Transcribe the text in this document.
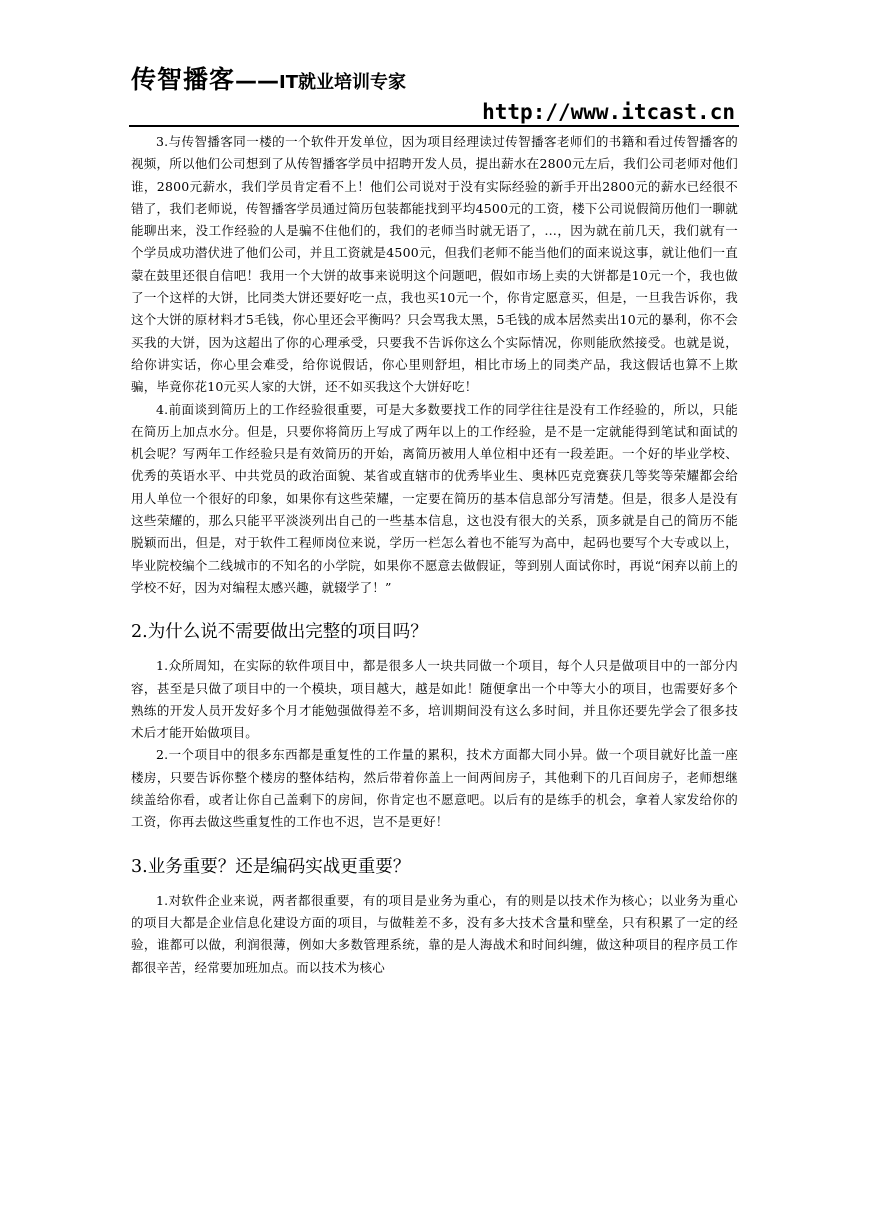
传智播客——IT就业培训专家
http://www.itcast.cn

3.与传智播客同一楼的一个软件开发单位，因为项目经理读过传智播客老师们的书籍和看过传智播客的视频，所以他们公司想到了从传智播客学员中招聘开发人员，提出薪水在2800元左后，我们公司老师对他们谁，2800元薪水，我们学员肯定看不上！他们公司说对于没有实际经验的新手开出2800元的薪水已经很不错了，我们老师说，传智播客学员通过简历包装都能找到平均4500元的工资，楼下公司说假简历他们一聊就能聊出来，没工作经验的人是骗不住他们的，我们的老师当时就无语了，…，因为就在前几天，我们就有一个学员成功潜伏进了他们公司，并且工资就是4500元，但我们老师不能当他们的面来说这事，就让他们一直蒙在鼓里还很自信吧！我用一个大饼的故事来说明这个问题吧，假如市场上卖的大饼都是10元一个，我也做了一个这样的大饼，比同类大饼还要好吃一点，我也买10元一个，你肯定愿意买，但是，一旦我告诉你，我这个大饼的原材料才5毛钱，你心里还会平衡吗？只会骂我太黑，5毛钱的成本居然卖出10元的暴利，你不会买我的大饼，因为这超出了你的心理承受，只要我不告诉你这么个实际情况，你则能欣然接受。也就是说，给你讲实话，你心里会难受，给你说假话，你心里则舒坦，相比市场上的同类产品，我这假话也算不上欺骗，毕竟你花10元买人家的大饼，还不如买我这个大饼好吃！

4.前面谈到简历上的工作经验很重要，可是大多数要找工作的同学往往是没有工作经验的，所以，只能在简历上加点水分。但是，只要你将简历上写成了两年以上的工作经验，是不是一定就能得到笔试和面试的机会呢？写两年工作经验只是有效简历的开始，离简历被用人单位相中还有一段差距。一个好的毕业学校、优秀的英语水平、中共党员的政治面貌、某省或直辖市的优秀毕业生、奥林匹克竞赛获几等奖等荣耀都会给用人单位一个很好的印象，如果你有这些荣耀，一定要在简历的基本信息部分写清楚。但是，很多人是没有这些荣耀的，那么只能平平淡淡列出自己的一些基本信息，这也没有很大的关系，顶多就是自己的简历不能脱颖而出，但是，对于软件工程师岗位来说，学历一栏怎么着也不能写为高中，起码也要写个大专或以上，毕业院校编个二线城市的不知名的小学院，如果你不愿意去做假证，等到别人面试你时，再说“闲弃以前上的学校不好，因为对编程太感兴趣，就辍学了！”

2.为什么说不需要做出完整的项目吗？

1.众所周知，在实际的软件项目中，都是很多人一块共同做一个项目，每个人只是做项目中的一部分内容，甚至是只做了项目中的一个模块，项目越大，越是如此！随便拿出一个中等大小的项目，也需要好多个熟练的开发人员开发好多个月才能勉强做得差不多，培训期间没有这么多时间，并且你还要先学会了很多技术后才能开始做项目。

2.一个项目中的很多东西都是重复性的工作量的累积，技术方面都大同小异。做一个项目就好比盖一座楼房，只要告诉你整个楼房的整体结构，然后带着你盖上一间两间房子，其他剩下的几百间房子，老师想继续盖给你看，或者让你自己盖剩下的房间，你肯定也不愿意吧。以后有的是练手的机会，拿着人家发给你的工资，你再去做这些重复性的工作也不迟，岂不是更好！

3.业务重要？还是编码实战更重要？

1.对软件企业来说，两者都很重要，有的项目是业务为重心，有的则是以技术作为核心；以业务为重心的项目大都是企业信息化建设方面的项目，与做鞋差不多，没有多大技术含量和壁垒，只有积累了一定的经验，谁都可以做，利润很薄，例如大多数管理系统，靠的是人海战术和时间纠缠，做这种项目的程序员工作都很辛苦，经常要加班加点。而以技术为核心
